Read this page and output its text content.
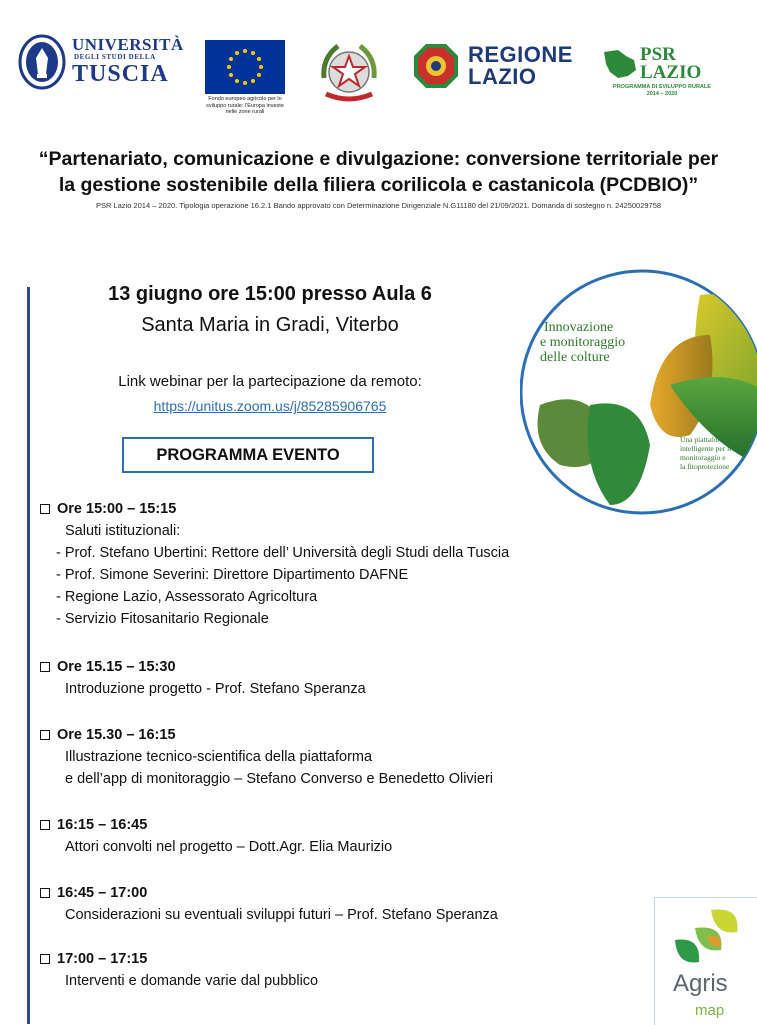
UNIVERSITÀ
DEGLI STUDI DELLA
TUSCIA
Fondo europeo agricolo per lo sviluppo rurale: l'Europa investe nelle zone rurali
REGIONE
LAZIO
PSR
LAZIO
PROGRAMMA DI SVILUPPO RURALE
2014 – 2020
“Partenariato, comunicazione e divulgazione: conversione territoriale per
la gestione sostenibile della filiera corilicola e castanicola (PCDBIO)”
PSR Lazio 2014 – 2020. Tipologia operazione 16.2.1 Bando approvato con Determinazione Dirigenziale N.G11180 del 21/09/2021. Domanda di sostegno n. 24250029758
13 giugno ore 15:00 presso Aula 6
Santa Maria in Gradi, Viterbo
Link webinar per la partecipazione da remoto:
https://unitus.zoom.us/j/85285906765
PROGRAMMA EVENTO
Innovazione
e monitoraggio
delle colture
Una piattaforma
intelligente per il
monitoraggio e
la fitoprotezione
Ore 15:00 – 15:15
Saluti istituzionali:
- Prof. Stefano Ubertini: Rettore dell’ Università degli Studi della Tuscia
- Prof. Simone Severini: Direttore Dipartimento DAFNE
- Regione Lazio, Assessorato Agricoltura
- Servizio Fitosanitario Regionale
Ore 15.15 – 15:30
Introduzione progetto - Prof. Stefano Speranza
Ore 15.30 – 16:15
Illustrazione tecnico-scientifica della piattaforma
e dell’app di monitoraggio – Stefano Converso e Benedetto Olivieri
16:15 – 16:45
Attori convolti nel progetto – Dott.Agr. Elia Maurizio
16:45 – 17:00
Considerazioni su eventuali sviluppi futuri – Prof. Stefano Speranza
17:00 – 17:15
Interventi e domande varie dal pubblico	Agris
map
